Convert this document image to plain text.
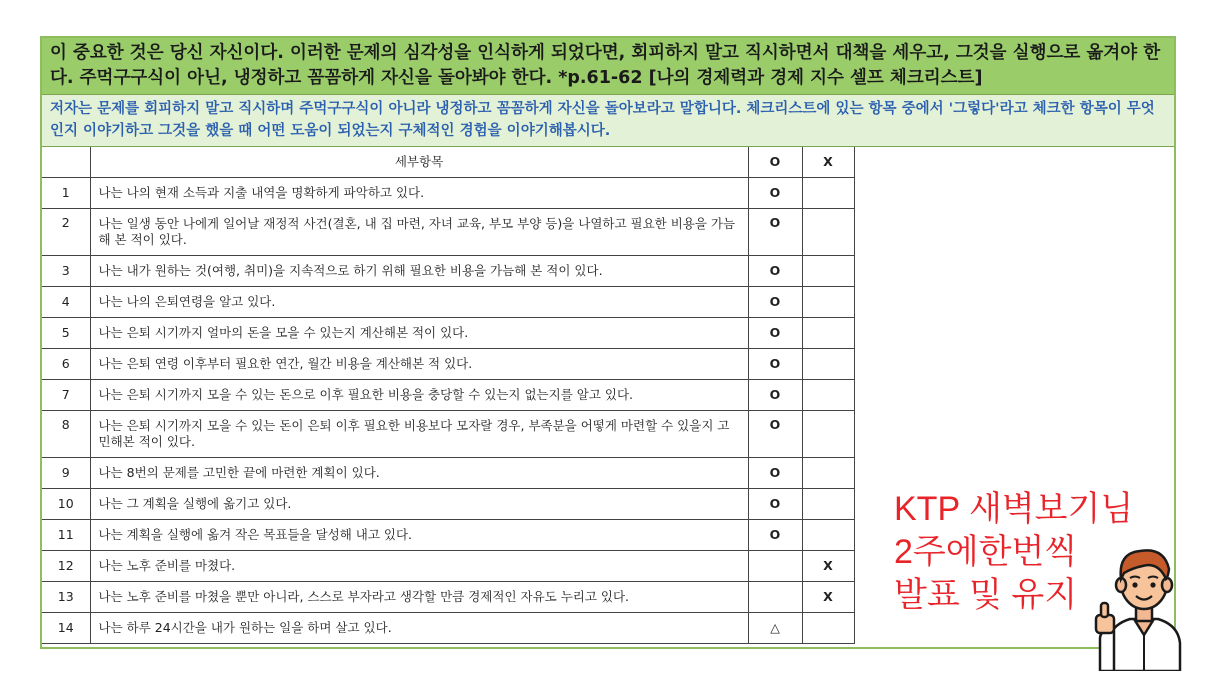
이 중요한 것은 당신 자신이다. 이러한 문제의 심각성을 인식하게 되었다면, 회피하지 말고 직시하면서 대책을 세우고, 그것을 실행으로 옮겨야 한다. 주먹구구식이 아닌, 냉정하고 꼼꼼하게 자신을 돌아봐야 한다. *p.61-62 [나의 경제력과 경제 지수 셀프 체크리스트]
저자는 문제를 회피하지 말고 직시하며 주먹구구식이 아니라 냉정하고 꼼꼼하게 자신을 돌아보라고 말합니다. 체크리스트에 있는 항목 중에서 '그렇다'라고 체크한 항목이 무엇인지 이야기하고 그것을 했을 때 어떤 도움이 되었는지 구체적인 경험을 이야기해봅시다.
	세부항목	O	X
1	나는 나의 현재 소득과 지출 내역을 명확하게 파악하고 있다.	O	
2	나는 일생 동안 나에게 일어날 재정적 사건(결혼, 내 집 마련, 자녀 교육, 부모 부양 등)을 나열하고 필요한 비용을 가늠해 본 적이 있다.	O	
3	나는 내가 원하는 것(여행, 취미)을 지속적으로 하기 위해 필요한 비용을 가늠해 본 적이 있다.	O	
4	나는 나의 은퇴연령을 알고 있다.	O	
5	나는 은퇴 시기까지 얼마의 돈을 모을 수 있는지 계산해본 적이 있다.	O	
6	나는 은퇴 연령 이후부터 필요한 연간, 월간 비용을 계산해본 적 있다.	O	
7	나는 은퇴 시기까지 모을 수 있는 돈으로 이후 필요한 비용을 충당할 수 있는지 없는지를 알고 있다.	O	
8	나는 은퇴 시기까지 모을 수 있는 돈이 은퇴 이후 필요한 비용보다 모자랄 경우, 부족분을 어떻게 마련할 수 있을지 고민해본 적이 있다.	O	
9	나는 8번의 문제를 고민한 끝에 마련한 계획이 있다.	O	
10	나는 그 계획을 실행에 옮기고 있다.	O	
11	나는 계획을 실행에 옮겨 작은 목표들을 달성해 내고 있다.	O	
12	나는 노후 준비를 마쳤다.		X
13	나는 노후 준비를 마쳤을 뿐만 아니라, 스스로 부자라고 생각할 만큼 경제적인 자유도 누리고 있다.		X
14	나는 하루 24시간을 내가 원하는 일을 하며 살고 있다.	△	
KTP 새벽보기님
2주에한번씩
발표 및 유지
